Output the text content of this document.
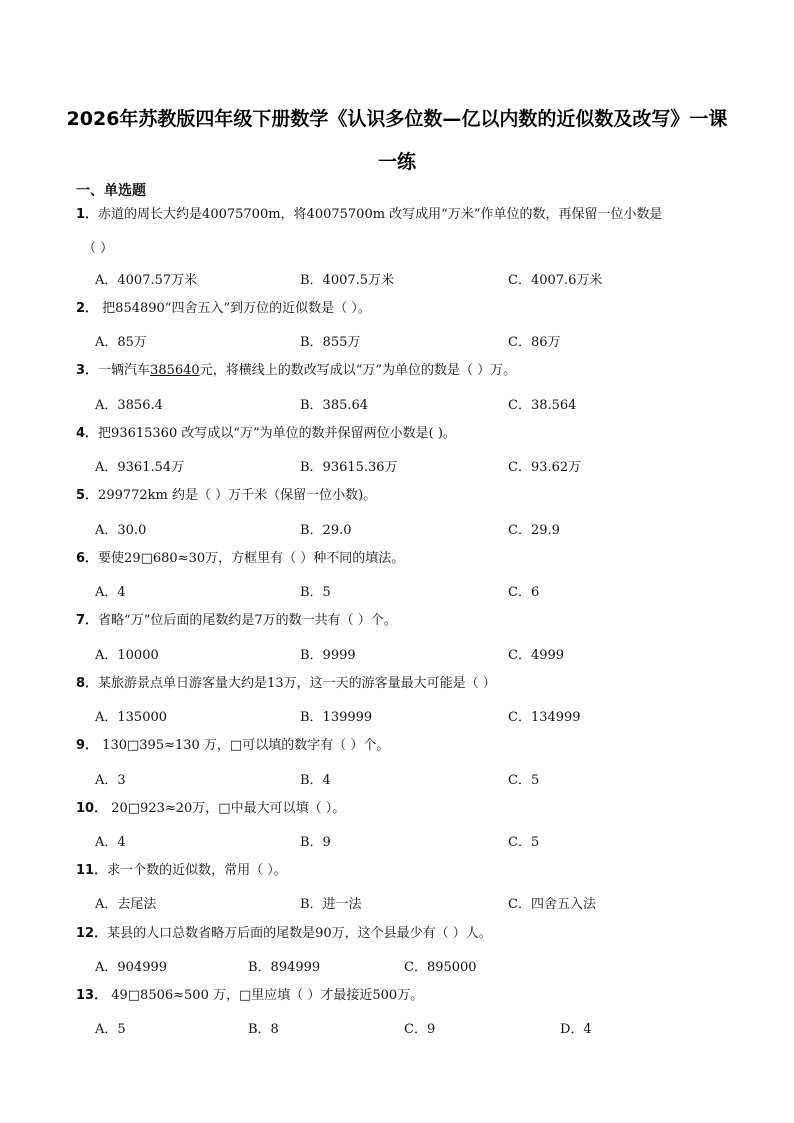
2026年苏教版四年级下册数学《认识多位数—亿以内数的近似数及改写》一课
一练
一、单选题
1．赤道的周长大约是40075700m，将40075700m 改写成用“万米”作单位的数，再保留一位小数是
（ ）
A．4007.57万米	B．4007.5万米	C．4007.6万米
2． 把854890“四舍五入”到万位的近似数是（ ）。
A．85万	B．855万	C．86万
3．一辆汽车385640元，将横线上的数改写成以“万”为单位的数是（ ）万。
A．3856.4	B．385.64	C．38.564
4．把93615360 改写成以“万”为单位的数并保留两位小数是( )。
A．9361.54万	B．93615.36万	C．93.62万
5．299772km 约是（ ）万千米（保留一位小数)。
A．30.0	B．29.0	C．29.9
6．要使29□680≈30万，方框里有（ ）种不同的填法。
A．4	B．5	C．6
7．省略“万”位后面的尾数约是7万的数一共有（ ）个。
A．10000	B．9999	C．4999
8．某旅游景点单日游客量大约是13万，这一天的游客量最大可能是（ ）
A．135000	B．139999	C．134999
9． 130□395≈130 万，□可以填的数字有（ ）个。
A．3	B．4	C．5
10． 20□923≈20万，□中最大可以填（ ）。
A．4	B．9	C．5
11．求一个数的近似数，常用（ ）。
A．去尾法	B．进一法	C．四舍五入法
12．某县的人口总数省略万后面的尾数是90万，这个县最少有（ ）人。
A．904999	B．894999	C．895000
13． 49□8506≈500 万，□里应填（ ）才最接近500万。
A．5	B．8	C．9	D．4
